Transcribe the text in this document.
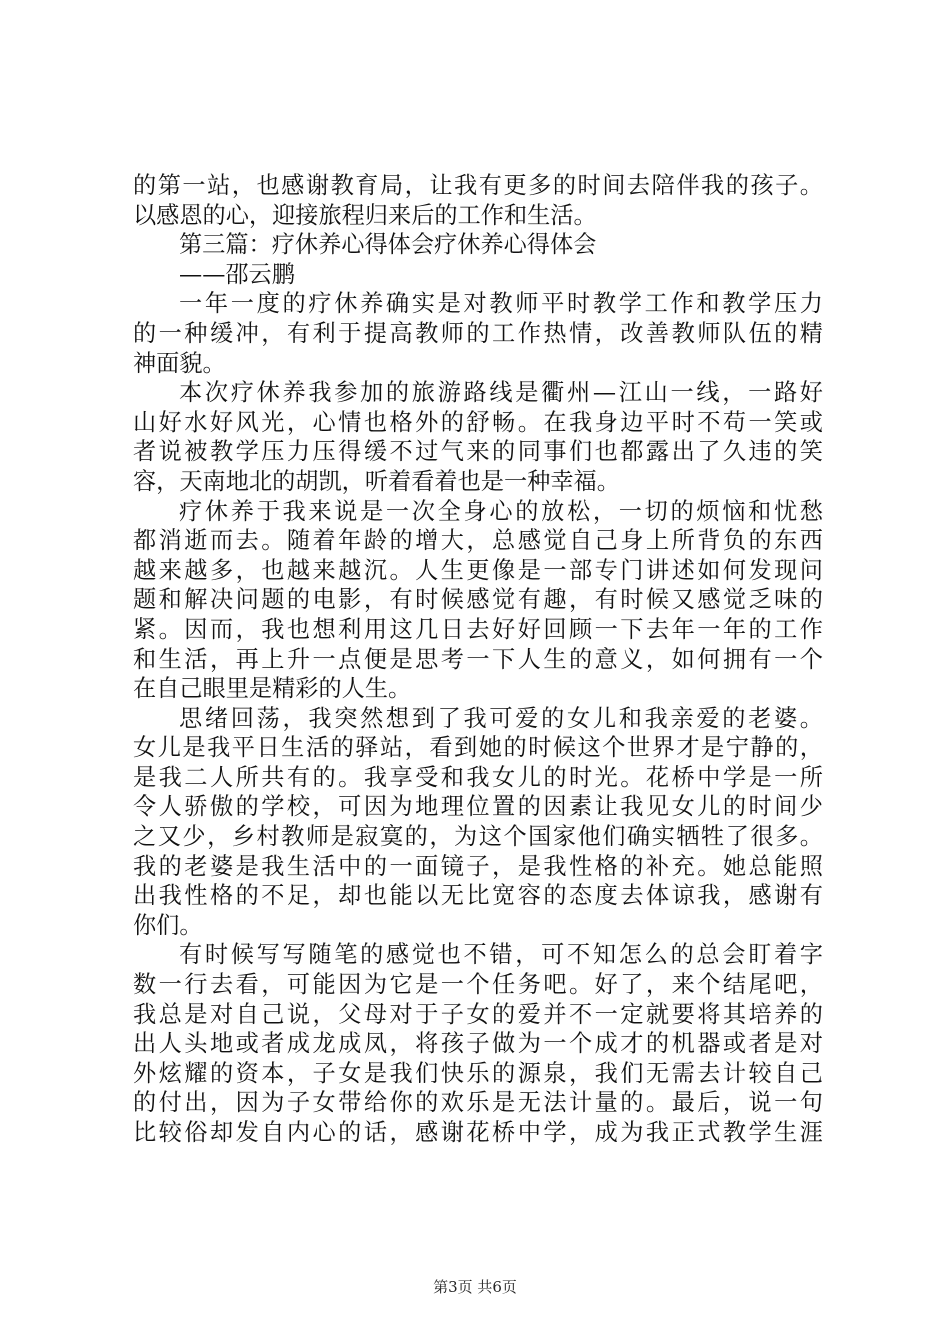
的第一站，也感谢教育局，让我有更多的时间去陪伴我的孩子。
以感恩的心，迎接旅程归来后的工作和生活。
第三篇：疗休养心得体会疗休养心得体会
——邵云鹏
一年一度的疗休养确实是对教师平时教学工作和教学压力
的一种缓冲，有利于提高教师的工作热情，改善教师队伍的精
神面貌。
本次疗休养我参加的旅游路线是衢州—江山一线，一路好
山好水好风光，心情也格外的舒畅。在我身边平时不苟一笑或
者说被教学压力压得缓不过气来的同事们也都露出了久违的笑
容，天南地北的胡凯，听着看着也是一种幸福。
疗休养于我来说是一次全身心的放松，一切的烦恼和忧愁
都消逝而去。随着年龄的增大，总感觉自己身上所背负的东西
越来越多，也越来越沉。人生更像是一部专门讲述如何发现问
题和解决问题的电影，有时候感觉有趣，有时候又感觉乏味的
紧。因而，我也想利用这几日去好好回顾一下去年一年的工作
和生活，再上升一点便是思考一下人生的意义，如何拥有一个
在自己眼里是精彩的人生。
思绪回荡，我突然想到了我可爱的女儿和我亲爱的老婆。
女儿是我平日生活的驿站，看到她的时候这个世界才是宁静的，
是我二人所共有的。我享受和我女儿的时光。花桥中学是一所
令人骄傲的学校，可因为地理位置的因素让我见女儿的时间少
之又少，乡村教师是寂寞的，为这个国家他们确实牺牲了很多。
我的老婆是我生活中的一面镜子，是我性格的补充。她总能照
出我性格的不足，却也能以无比宽容的态度去体谅我，感谢有
你们。
有时候写写随笔的感觉也不错，可不知怎么的总会盯着字
数一行去看，可能因为它是一个任务吧。好了，来个结尾吧，
我总是对自己说，父母对于子女的爱并不一定就要将其培养的
出人头地或者成龙成凤，将孩子做为一个成才的机器或者是对
外炫耀的资本，子女是我们快乐的源泉，我们无需去计较自己
的付出，因为子女带给你的欢乐是无法计量的。最后，说一句
比较俗却发自内心的话，感谢花桥中学，成为我正式教学生涯
第3页 共6页
